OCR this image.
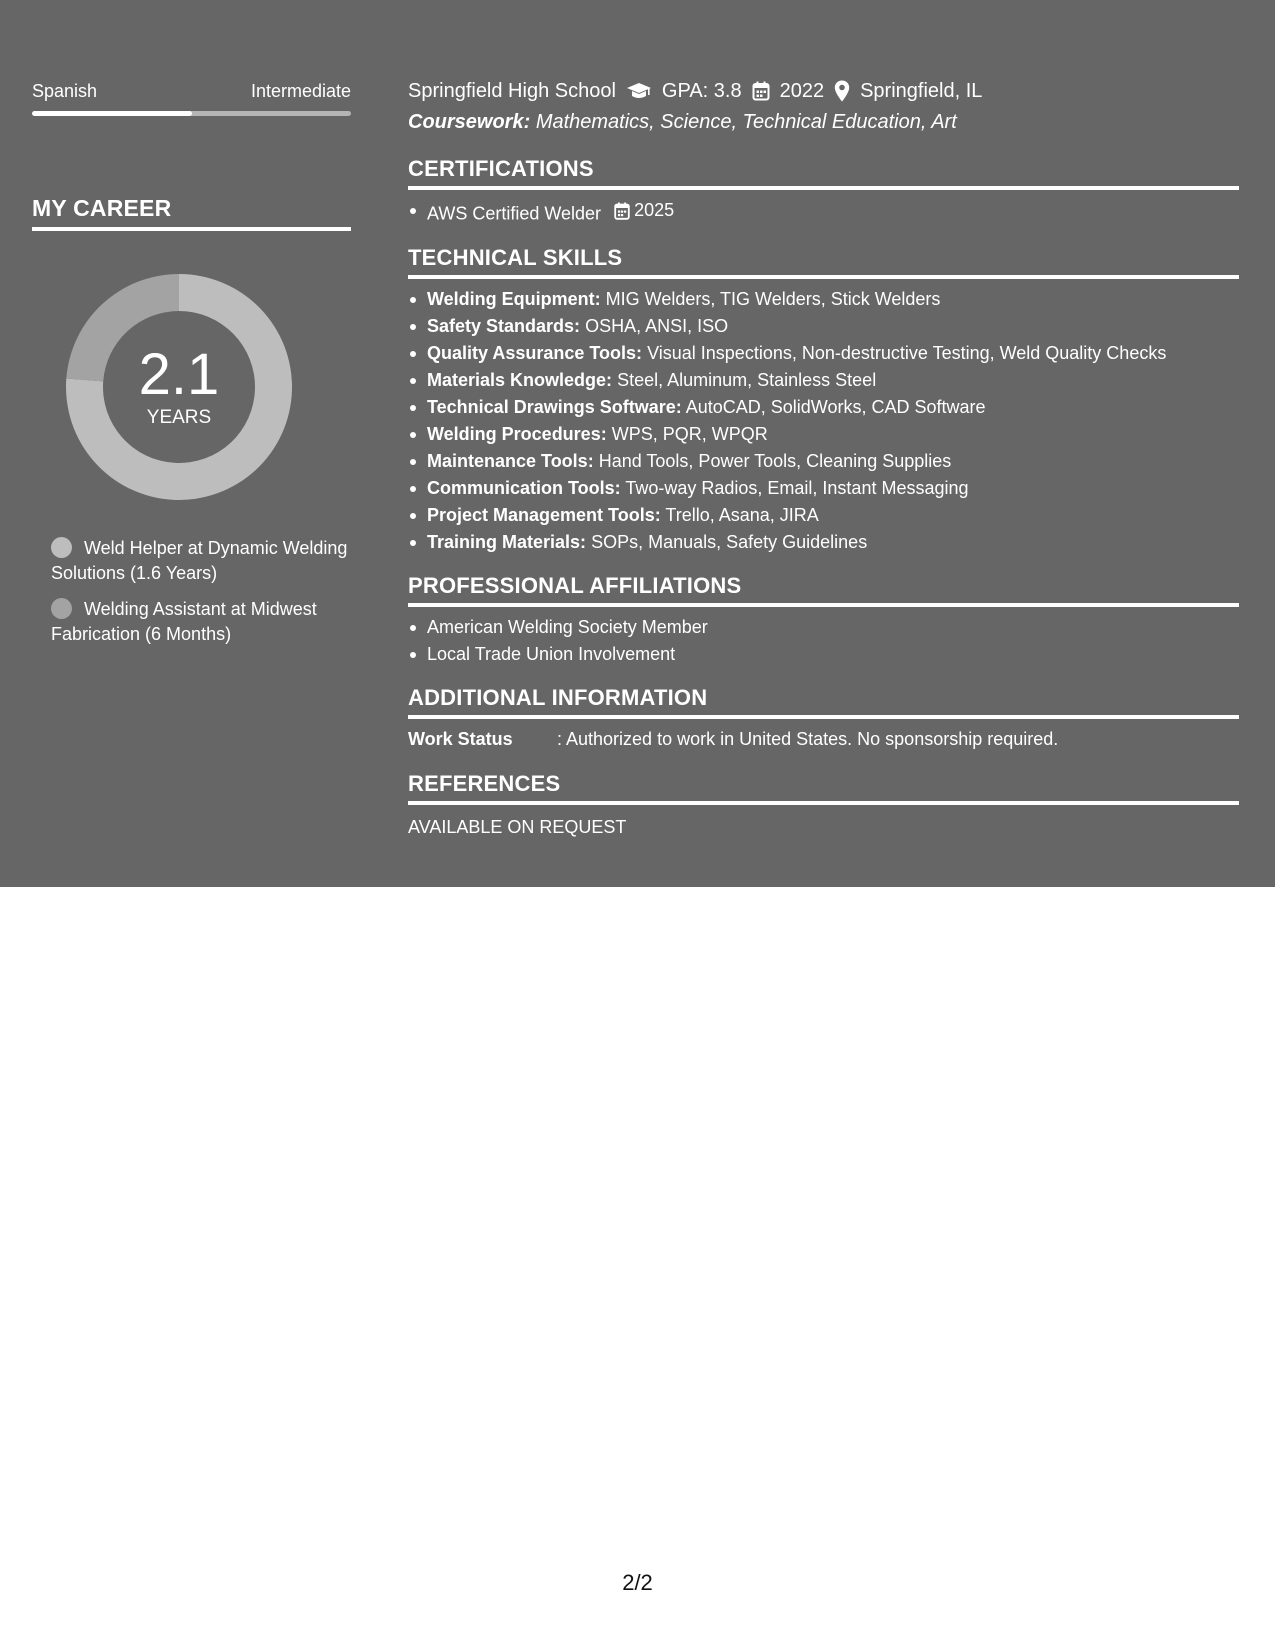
Spanish	Intermediate
MY CAREER
2.1
YEARS
Weld Helper at Dynamic Welding Solutions (1.6 Years)
Welding Assistant at Midwest Fabrication (6 Months)
Springfield High School GPA: 3.8 2022 Springfield, IL
Coursework: Mathematics, Science, Technical Education, Art
CERTIFICATIONS
AWS Certified Welder 2025
TECHNICAL SKILLS
Welding Equipment: MIG Welders, TIG Welders, Stick Welders
Safety Standards: OSHA, ANSI, ISO
Quality Assurance Tools: Visual Inspections, Non-destructive Testing, Weld Quality Checks
Materials Knowledge: Steel, Aluminum, Stainless Steel
Technical Drawings Software: AutoCAD, SolidWorks, CAD Software
Welding Procedures: WPS, PQR, WPQR
Maintenance Tools: Hand Tools, Power Tools, Cleaning Supplies
Communication Tools: Two-way Radios, Email, Instant Messaging
Project Management Tools: Trello, Asana, JIRA
Training Materials: SOPs, Manuals, Safety Guidelines
PROFESSIONAL AFFILIATIONS
American Welding Society Member
Local Trade Union Involvement
ADDITIONAL INFORMATION
Work Status	: Authorized to work in United States. No sponsorship required.
REFERENCES
AVAILABLE ON REQUEST
2/2
